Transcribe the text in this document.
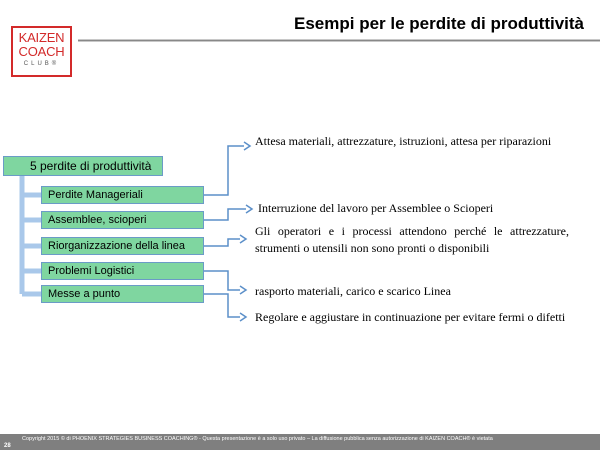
KAIZEN
COACH
CLUB®
Esempi per le perdite di produttività
5 perdite di produttività
Perdite Manageriali
Assemblee, scioperi
Riorganizzazione della linea
Problemi Logistici
Messe a punto
Attesa materiali, attrezzature, istruzioni, attesa per riparazioni
Interruzione del lavoro per Assemblee o Scioperi
Gli operatori e i processi attendono perché le attrezzature, strumenti o utensili non sono pronti o disponibili
rasporto materiali, carico e scarico Linea
Regolare e aggiustare in continuazione per evitare fermi o difetti
Copyright 2015 © di PHOENIX STRATEGIES BUSINESS COACHING® - Questa presentazione è a solo uso privato – La diffusione pubblica senza autorizzazione di KAIZEN COACH® è vietata
28
